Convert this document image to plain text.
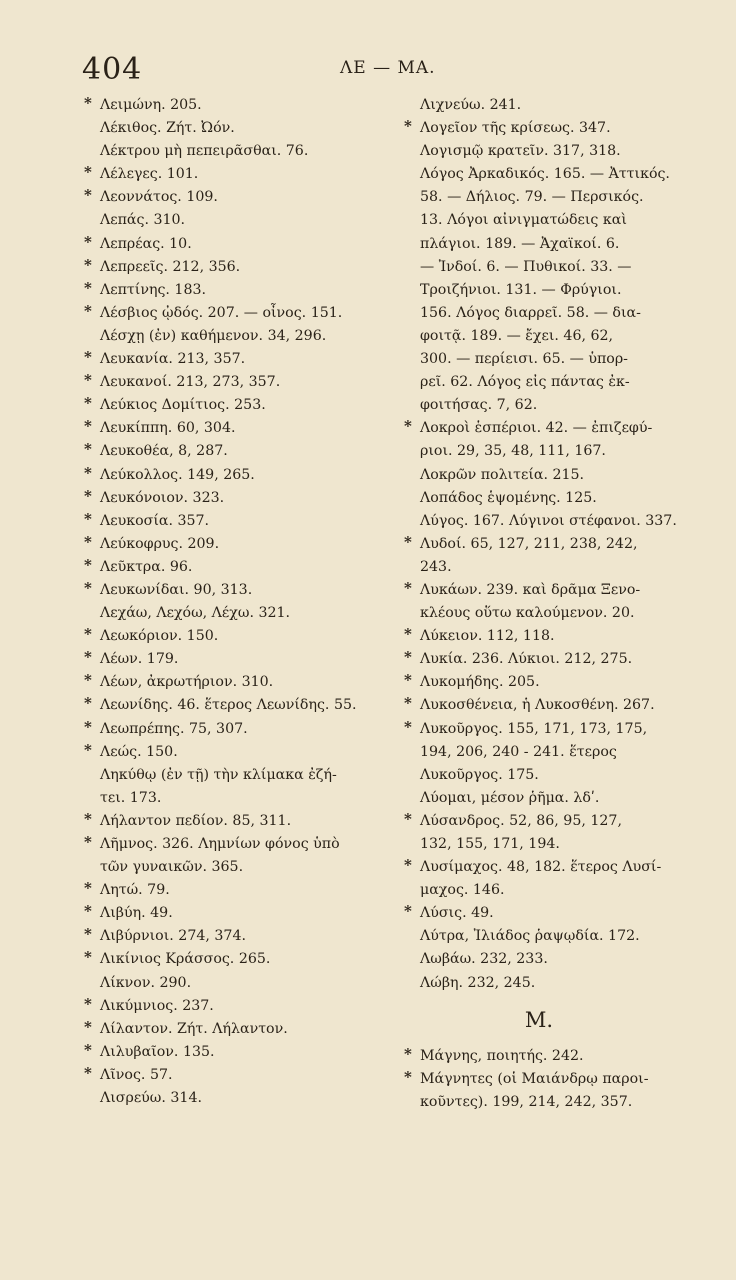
404	ΛΕ — ΜΑ.
* Λειμώνη. 205.
Λέκιθος. Ζήτ. Ὠόν.
Λέκτρου μὴ πεπειρᾶσθαι. 76.
* Λέλεγες. 101.
* Λεοννάτος. 109.
Λεπάς. 310.
* Λεπρέας. 10.
* Λεπρεεῖς. 212, 356.
* Λεπτίνης. 183.
* Λέσβιος ᾠδός. 207. — οἶνος. 151.
Λέσχῃ (ἐν) καθήμενον. 34, 296.
* Λευκανία. 213, 357.
* Λευκανοί. 213, 273, 357.
* Λεύκιος Δομίτιος. 253.
* Λευκίππη. 60, 304.
* Λευκοθέα, 8, 287.
* Λεύκολλος. 149, 265.
* Λευκόνοιον. 323.
* Λευκοσία. 357.
* Λεύκοφρυς. 209.
* Λεῦκτρα. 96.
* Λευκωνίδαι. 90, 313.
Λεχάω, Λεχόω, Λέχω. 321.
* Λεωκόριον. 150.
* Λέων. 179.
* Λέων, ἀκρωτήριον. 310.
* Λεωνίδης. 46. ἕτερος Λεωνίδης. 55.
* Λεωπρέπης. 75, 307.
* Λεώς. 150.
Ληκύθῳ (ἐν τῇ) τὴν κλίμακα ἐζή-
τει. 173.
* Λήλαντον πεδίον. 85, 311.
* Λῆμνος. 326. Λημνίων φόνος ὑπὸ
τῶν γυναικῶν. 365.
* Λητώ. 79.
* Λιβύη. 49.
* Λιβύρνιοι. 274, 374.
* Λικίνιος Κράσσος. 265.
Λίκνον. 290.
* Λικύμνιος. 237.
* Λίλαντον. Ζήτ. Λήλαντον.
* Λιλυβαῖον. 135.
* Λῖνος. 57.
Λισρεύω. 314.
Λιχνεύω. 241.
* Λογεῖον τῆς κρίσεως. 347.
Λογισμῷ κρατεῖν. 317, 318.
Λόγος Ἀρκαδικός. 165. — Ἀττικός.
58. — Δήλιος. 79. — Περσικός.
13. Λόγοι αἰνιγματώδεις καὶ
πλάγιοι. 189. — Ἀχαϊκοί. 6.
— Ἰνδοί. 6. — Πυθικοί. 33. —
Τροιζήνιοι. 131. — Φρύγιοι.
156. Λόγος διαρρεῖ. 58. — δια-
φοιτᾷ. 189. — ἔχει. 46, 62,
300. — περίεισι. 65. — ὑπορ-
ρεῖ. 62. Λόγος εἰς πάντας ἐκ-
φοιτήσας. 7, 62.
* Λοκροὶ ἑσπέριοι. 42. — ἐπιζεφύ-
ριοι. 29, 35, 48, 111, 167.
Λοκρῶν πολιτεία. 215.
Λοπάδος ἑψομένης. 125.
Λύγος. 167. Λύγινοι στέφανοι. 337.
* Λυδοί. 65, 127, 211, 238, 242,
243.
* Λυκάων. 239. καὶ δρᾶμα Ξενο-
κλέους οὕτω καλούμενον. 20.
* Λύκειον. 112, 118.
* Λυκία. 236. Λύκιοι. 212, 275.
* Λυκομήδης. 205.
* Λυκοσθένεια, ἡ Λυκοσθένη. 267.
* Λυκοῦργος. 155, 171, 173, 175,
194, 206, 240 - 241. ἕτερος
Λυκοῦργος. 175.
Λύομαι, μέσον ῥῆμα. λδʹ.
* Λύσανδρος. 52, 86, 95, 127,
132, 155, 171, 194.
* Λυσίμαχος. 48, 182. ἕτερος Λυσί-
μαχος. 146.
* Λύσις. 49.
Λύτρα, Ἰλιάδος ῥαψῳδία. 172.
Λωβάω. 232, 233.
Λώβη. 232, 245.
Μ.
* Μάγνης, ποιητής. 242.
* Μάγνητες (οἱ Μαιάνδρῳ παροι-
κοῦντες). 199, 214, 242, 357.
